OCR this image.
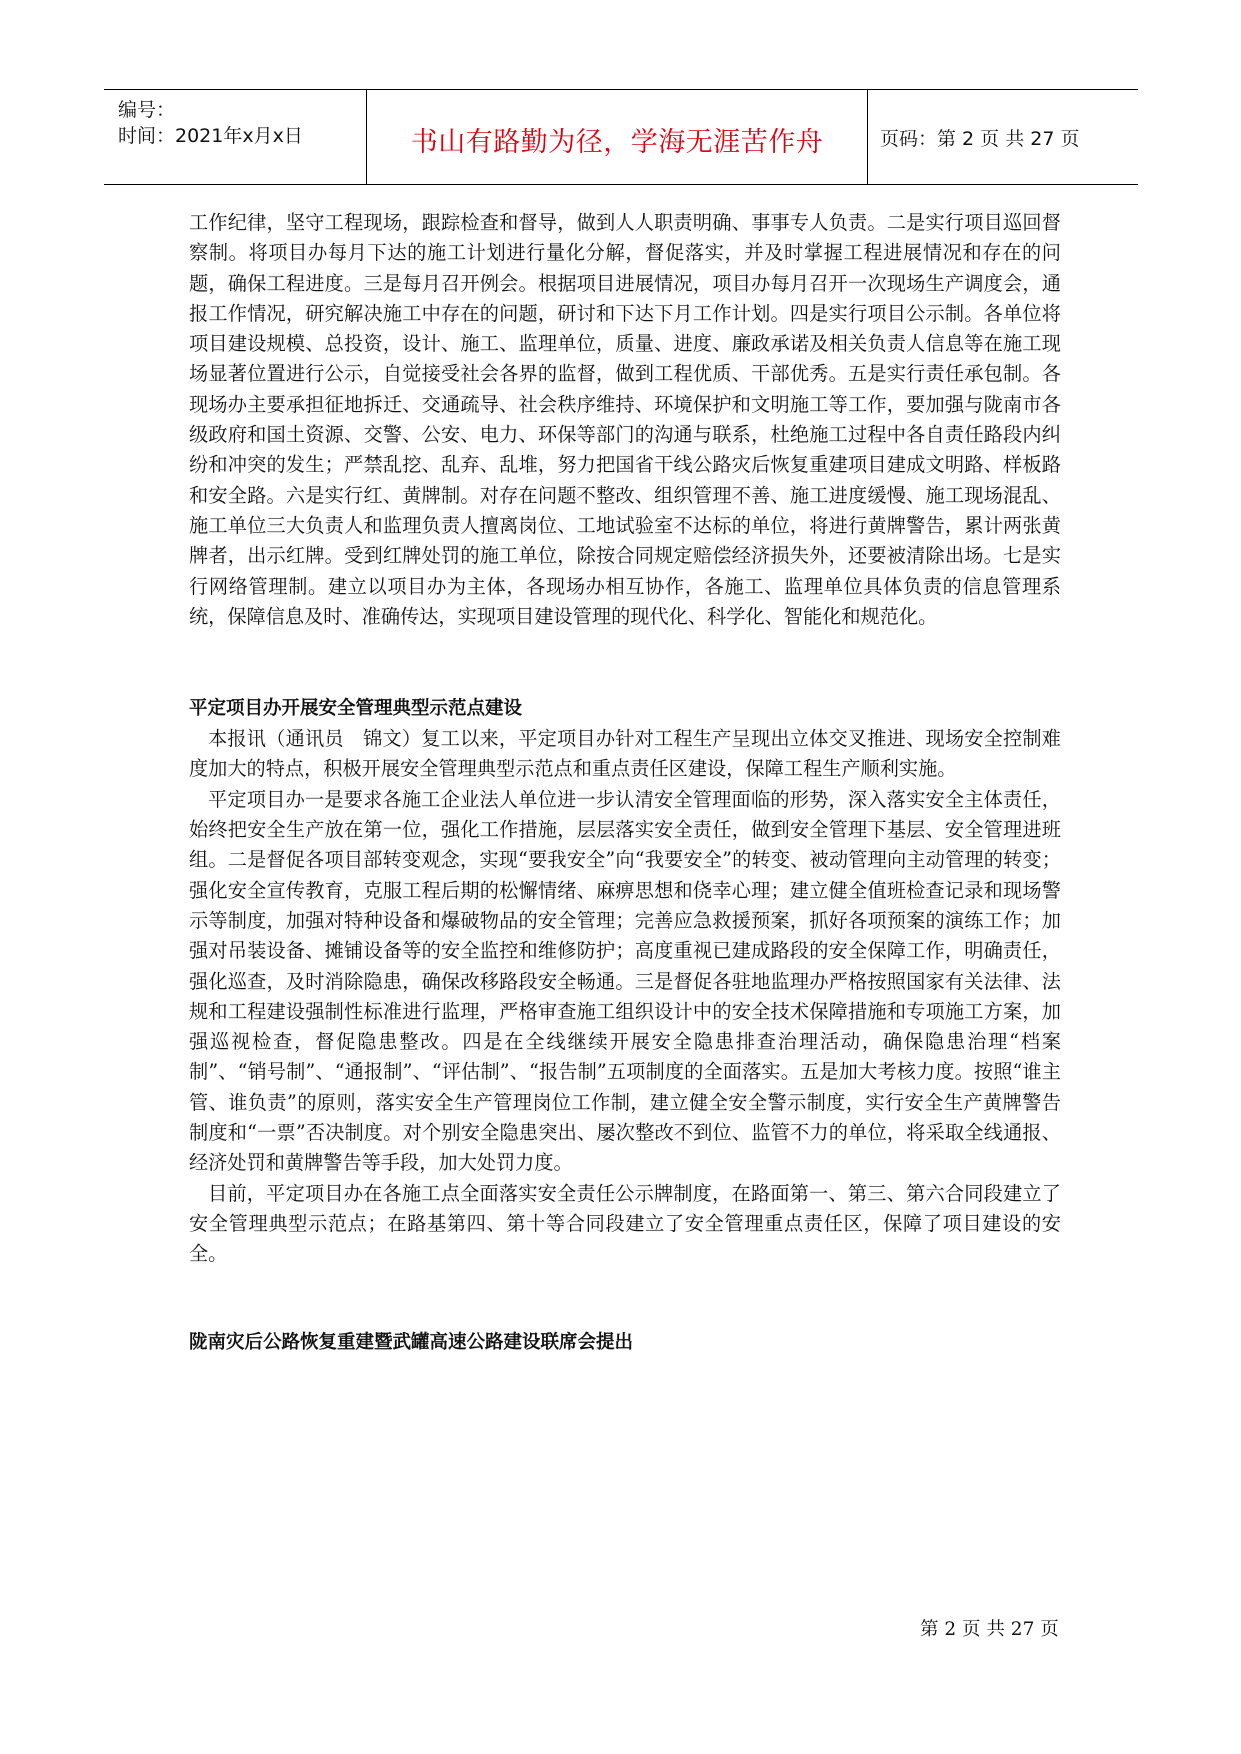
编号：
时间：2021年x月x日	书山有路勤为径，学海无涯苦作舟	页码：第 2 页 共 27 页

工作纪律，坚守工程现场，跟踪检查和督导，做到人人职责明确、事事专人负责。二是实行项目巡回督察制。将项目办每月下达的施工计划进行量化分解，督促落实，并及时掌握工程进展情况和存在的问题，确保工程进度。三是每月召开例会。根据项目进展情况，项目办每月召开一次现场生产调度会，通报工作情况，研究解决施工中存在的问题，研讨和下达下月工作计划。四是实行项目公示制。各单位将项目建设规模、总投资，设计、施工、监理单位，质量、进度、廉政承诺及相关负责人信息等在施工现场显著位置进行公示，自觉接受社会各界的监督，做到工程优质、干部优秀。五是实行责任承包制。各现场办主要承担征地拆迁、交通疏导、社会秩序维持、环境保护和文明施工等工作，要加强与陇南市各级政府和国土资源、交警、公安、电力、环保等部门的沟通与联系，杜绝施工过程中各自责任路段内纠纷和冲突的发生；严禁乱挖、乱弃、乱堆，努力把国省干线公路灾后恢复重建项目建成文明路、样板路和安全路。六是实行红、黄牌制。对存在问题不整改、组织管理不善、施工进度缓慢、施工现场混乱、施工单位三大负责人和监理负责人擅离岗位、工地试验室不达标的单位，将进行黄牌警告，累计两张黄牌者，出示红牌。受到红牌处罚的施工单位，除按合同规定赔偿经济损失外，还要被清除出场。七是实行网络管理制。建立以项目办为主体，各现场办相互协作，各施工、监理单位具体负责的信息管理系统，保障信息及时、准确传达，实现项目建设管理的现代化、科学化、智能化和规范化。

平定项目办开展安全管理典型示范点建设

本报讯（通讯员　锦文）复工以来，平定项目办针对工程生产呈现出立体交叉推进、现场安全控制难度加大的特点，积极开展安全管理典型示范点和重点责任区建设，保障工程生产顺利实施。

平定项目办一是要求各施工企业法人单位进一步认清安全管理面临的形势，深入落实安全主体责任，始终把安全生产放在第一位，强化工作措施，层层落实安全责任，做到安全管理下基层、安全管理进班组。二是督促各项目部转变观念，实现“要我安全”向“我要安全”的转变、被动管理向主动管理的转变；强化安全宣传教育，克服工程后期的松懈情绪、麻痹思想和侥幸心理；建立健全值班检查记录和现场警示等制度，加强对特种设备和爆破物品的安全管理；完善应急救援预案，抓好各项预案的演练工作；加强对吊装设备、摊铺设备等的安全监控和维修防护；高度重视已建成路段的安全保障工作，明确责任，强化巡查，及时消除隐患，确保改移路段安全畅通。三是督促各驻地监理办严格按照国家有关法律、法规和工程建设强制性标准进行监理，严格审查施工组织设计中的安全技术保障措施和专项施工方案，加强巡视检查，督促隐患整改。四是在全线继续开展安全隐患排查治理活动，确保隐患治理“档案制”、“销号制”、“通报制”、“评估制”、“报告制”五项制度的全面落实。五是加大考核力度。按照“谁主管、谁负责”的原则，落实安全生产管理岗位工作制，建立健全安全警示制度，实行安全生产黄牌警告制度和“一票”否决制度。对个别安全隐患突出、屡次整改不到位、监管不力的单位，将采取全线通报、经济处罚和黄牌警告等手段，加大处罚力度。

目前，平定项目办在各施工点全面落实安全责任公示牌制度，在路面第一、第三、第六合同段建立了安全管理典型示范点；在路基第四、第十等合同段建立了安全管理重点责任区，保障了项目建设的安全。

陇南灾后公路恢复重建暨武罐高速公路建设联席会提出

第 2 页 共 27 页
